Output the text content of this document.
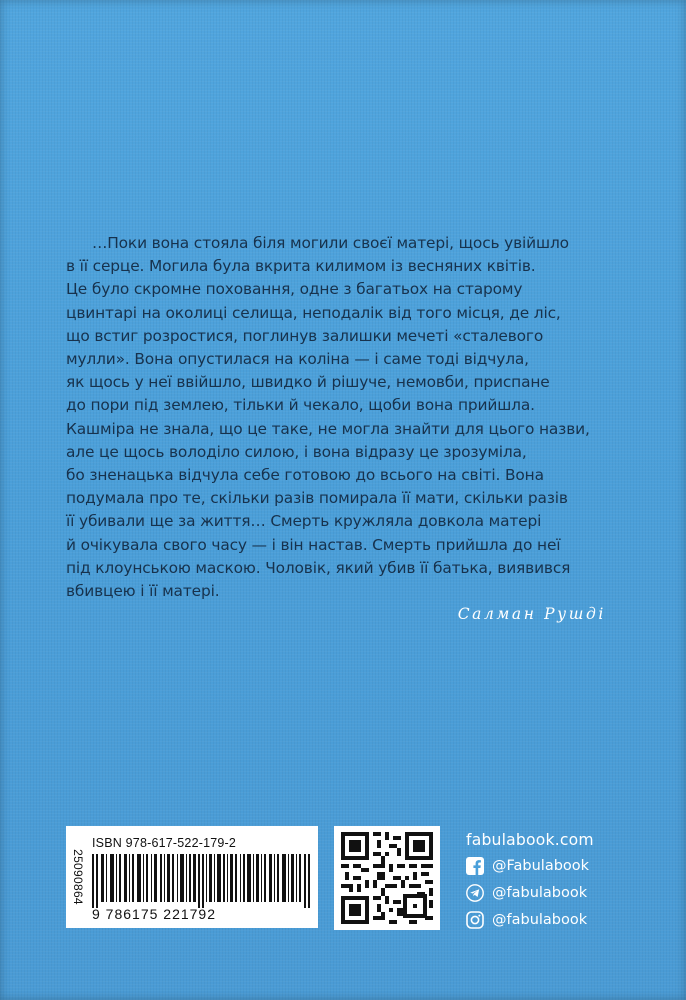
…Поки вона стояла біля могили своєї матері, щось увійшло
в її серце. Могила була вкрита килимом із весняних квітів.
Це було скромне поховання, одне з багатьох на старому
цвинтарі на околиці селища, неподалік від того місця, де ліс,
що встиг розростися, поглинув залишки мечеті «сталевого
мулли». Вона опустилася на коліна — і саме тоді відчула,
як щось у неї ввійшло, швидко й рішуче, немовби, приспане
до пори під землею, тільки й чекало, щоби вона прийшла.
Кашміра не знала, що це таке, не могла знайти для цього назви,
але це щось володіло силою, і вона відразу це зрозуміла,
бо зненацька відчула себе готовою до всього на світі. Вона
подумала про те, скільки разів помирала її мати, скільки разів
її убивали ще за життя… Смерть кружляла довкола матері
й очікувала свого часу — і він настав. Смерть прийшла до неї
під клоунською маскою. Чоловік, який убив її батька, виявився
вбивцею і її матері.
Салман Рушді
25090864
ISBN 978-617-522-179-2
9 786175 221792
fabulabook.com
@Fabulabook
@fabulabook
@fabulabook
